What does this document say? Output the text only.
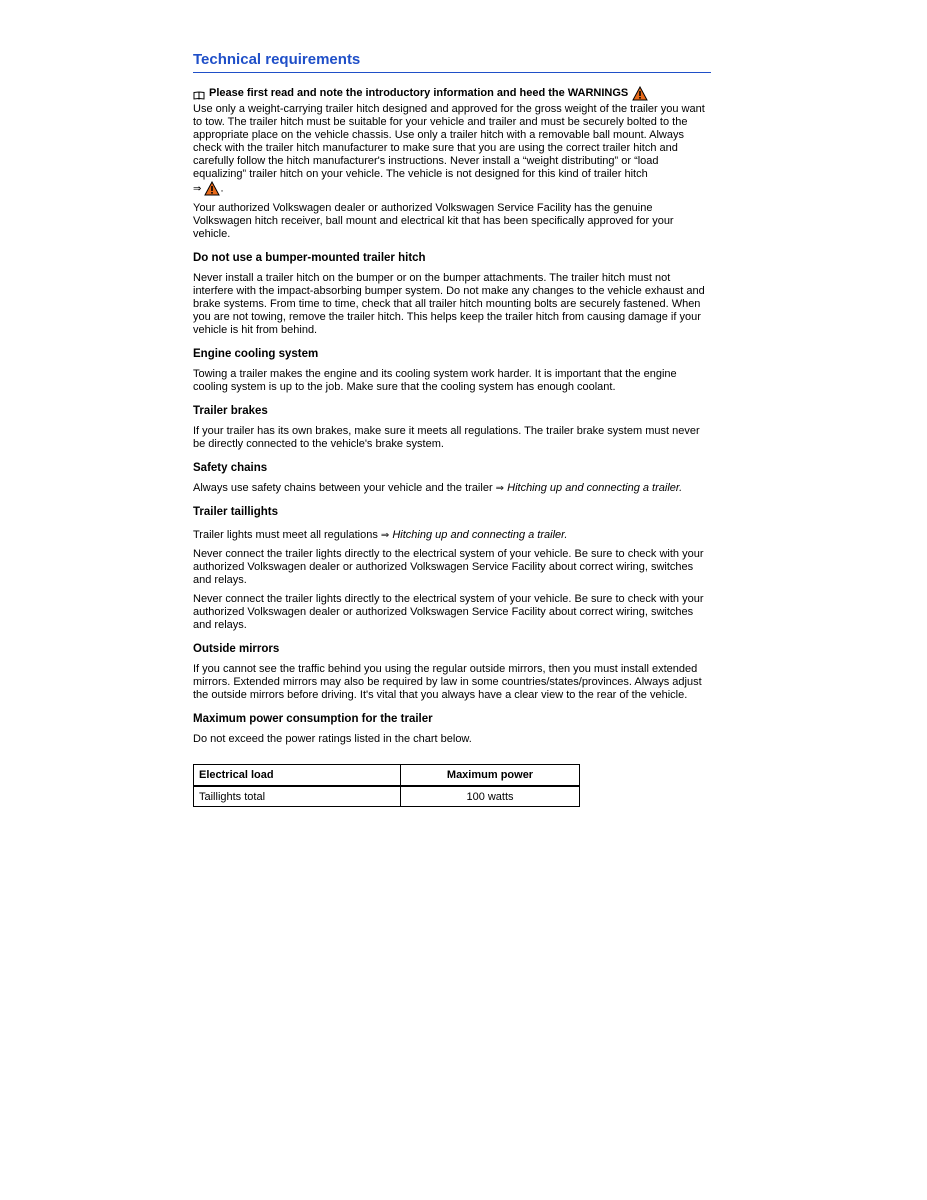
Technical requirements
Please first read and note the introductory information and heed the WARNINGS

Use only a weight-carrying trailer hitch designed and approved for the gross weight of the trailer you want to tow. The trailer hitch must be suitable for your vehicle and trailer and must be securely bolted to the appropriate place on the vehicle chassis. Use only a trailer hitch with a removable ball mount. Always check with the trailer hitch manufacturer to make sure that you are using the correct trailer hitch and carefully follow the hitch manufacturer's instructions. Never install a “weight distributing” or “load equalizing” trailer hitch on your vehicle. The vehicle is not designed for this kind of trailer hitch
⇒ .

Your authorized Volkswagen dealer or authorized Volkswagen Service Facility has the genuine Volkswagen hitch receiver, ball mount and electrical kit that has been specifically approved for your vehicle.

Do not use a bumper-mounted trailer hitch

Never install a trailer hitch on the bumper or on the bumper attachments. The trailer hitch must not interfere with the impact-absorbing bumper system. Do not make any changes to the vehicle exhaust and brake systems. From time to time, check that all trailer hitch mounting bolts are securely fastened. When you are not towing, remove the trailer hitch. This helps keep the trailer hitch from causing damage if your vehicle is hit from behind.

Engine cooling system

Towing a trailer makes the engine and its cooling system work harder. It is important that the engine cooling system is up to the job. Make sure that the cooling system has enough coolant.

Trailer brakes

If your trailer has its own brakes, make sure it meets all regulations. The trailer brake system must never be directly connected to the vehicle's brake system.

Safety chains

Always use safety chains between your vehicle and the trailer ⇒ Hitching up and connecting a trailer.

Trailer taillights

Trailer lights must meet all regulations ⇒ Hitching up and connecting a trailer.

Never connect the trailer lights directly to the electrical system of your vehicle. Be sure to check with your authorized Volkswagen dealer or authorized Volkswagen Service Facility about correct wiring, switches and relays.

Never connect the trailer lights directly to the electrical system of your vehicle. Be sure to check with your authorized Volkswagen dealer or authorized Volkswagen Service Facility about correct wiring, switches and relays.

Outside mirrors

If you cannot see the traffic behind you using the regular outside mirrors, then you must install extended mirrors. Extended mirrors may also be required by law in some countries/states/provinces. Always adjust the outside mirrors before driving. It's vital that you always have a clear view to the rear of the vehicle.

Maximum power consumption for the trailer

Do not exceed the power ratings listed in the chart below.

Electrical load	Maximum power
Taillights total	100 watts
